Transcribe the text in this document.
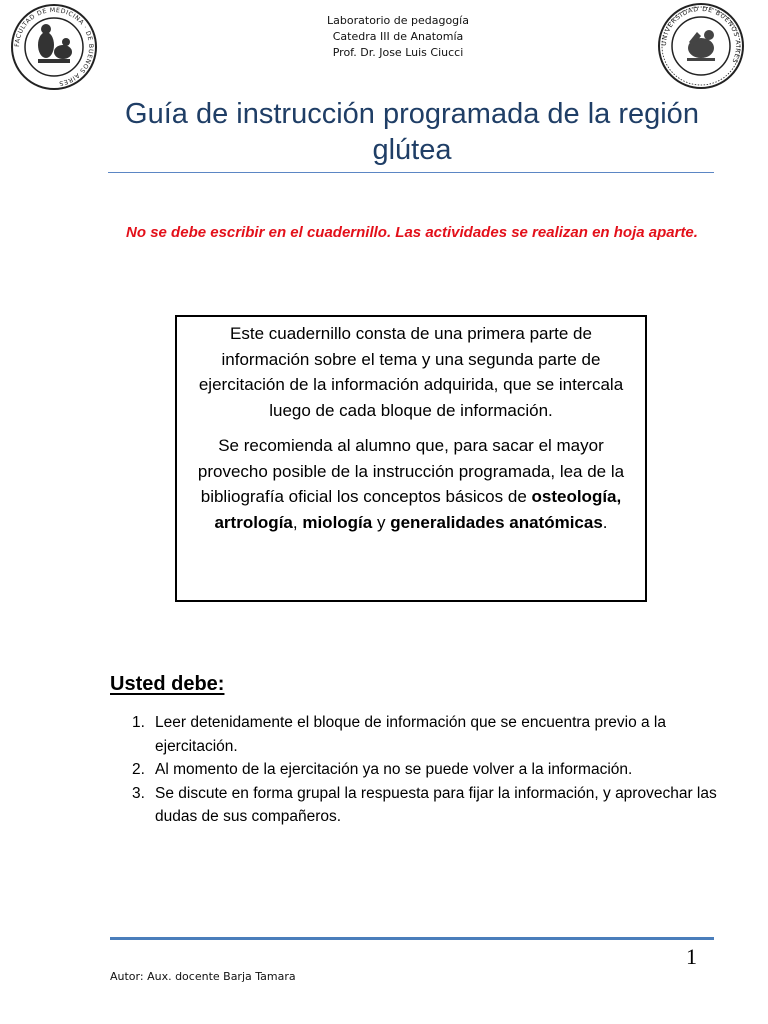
FACULTAD DE MEDICINA · DE BUENOS AIRES
Laboratorio de pedagogía
Catedra III de Anatomía
Prof. Dr. Jose Luis Ciucci
UNIVERSIDAD DE BUENOS AIRES
Guía de instrucción programada de la región glútea

No se debe escribir en el cuadernillo. Las actividades se realizan en hoja aparte.

Este cuadernillo consta de una primera parte de información sobre el tema y una segunda parte de ejercitación de la información adquirida, que se intercala luego de cada bloque de información.

Se recomienda al alumno que, para sacar el mayor provecho posible de la instrucción programada, lea de la bibliografía oficial los conceptos básicos de osteología, artrología, miología y generalidades anatómicas.

Usted debe:
1. Leer detenidamente el bloque de información que se encuentra previo a la ejercitación.
2. Al momento de la ejercitación ya no se puede volver a la información.
3. Se discute en forma grupal la respuesta para fijar la información, y aprovechar las dudas de sus compañeros.
1
Autor: Aux. docente Barja Tamara
